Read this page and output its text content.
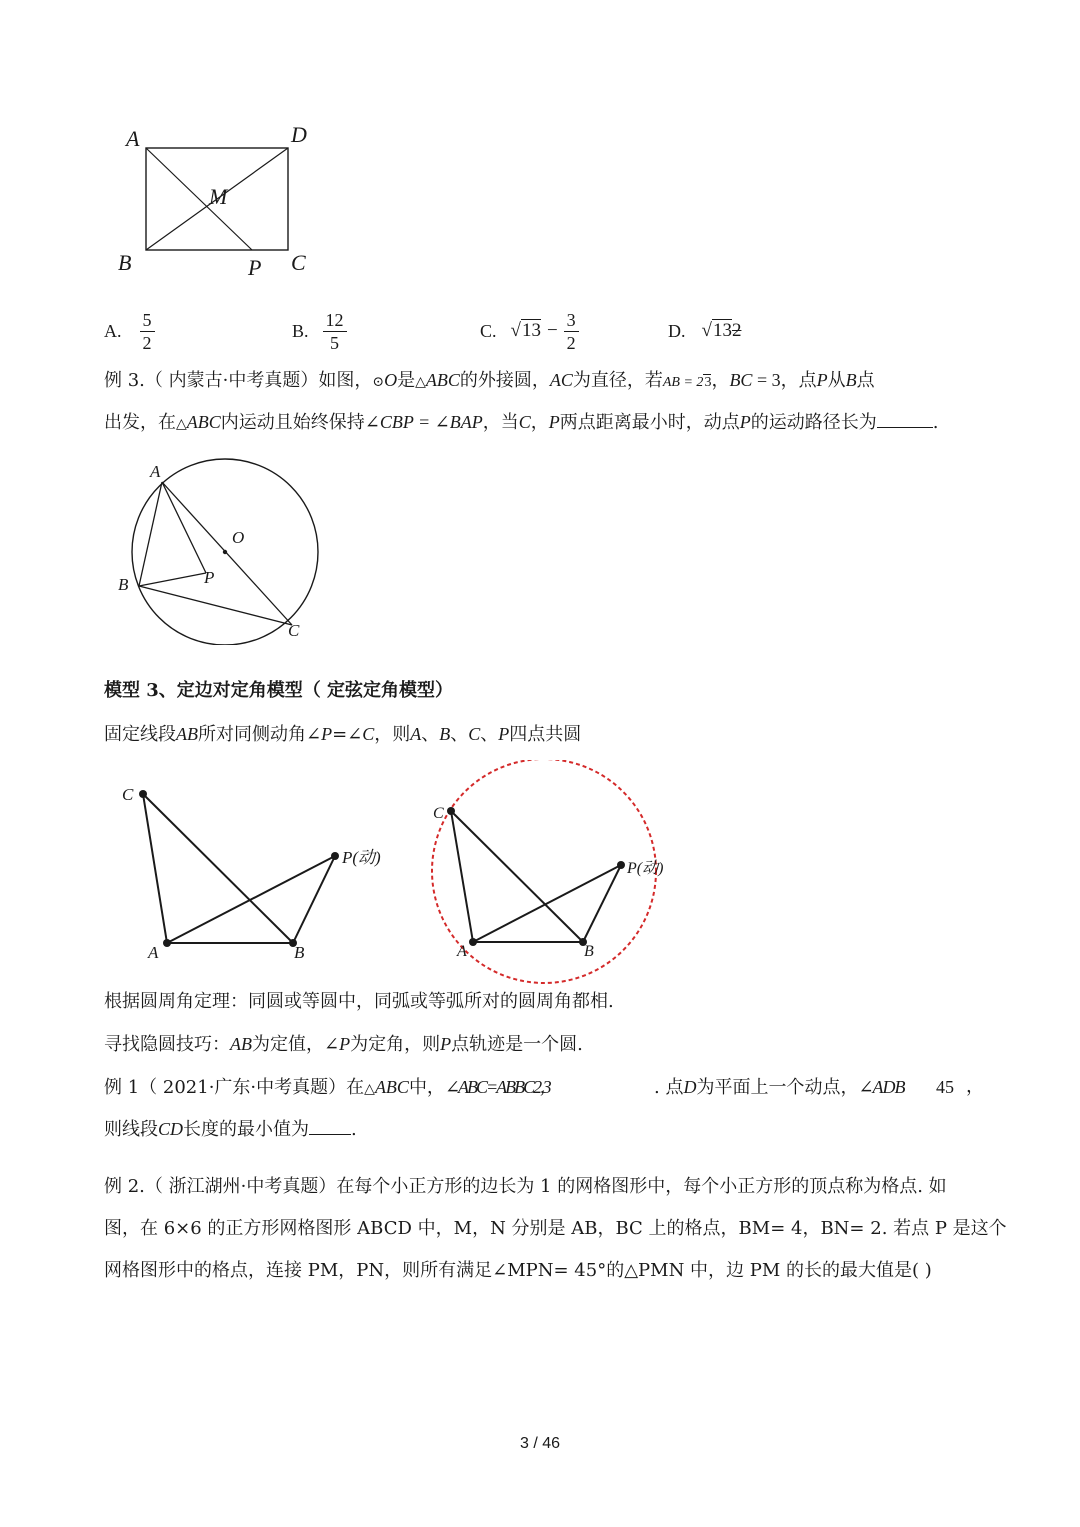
A	D
M
B	P C
A. $\frac{5}{2}$	B. $\frac{12}{5}$	C. $√13 - \frac{3}{2}$	D. √13 2
例 3.（ 内蒙古·中考真题）如图，⊙O是△ABC的外接圆，AC为直径，若AB = 23，BC = 3，点P从B点
出发，在△ABC内运动且始终保持∠CBP = ∠BAP，当C，P两点距离最小时，动点P的运动路径长为	.
A
O
B	P
C
模型 3、定边对定角模型（ 定弦定角模型）
固定线段AB所对同侧动角∠P=∠C，则A、B、C、P四点共圆
C
P(动)
A	B
C
P(动)
A	B
根据圆周角定理：同圆或等圆中，同弧或等弧所对的圆周角都相.
寻找隐圆技巧：AB为定值，∠P为定角，则P点轨迹是一个圆.
例 1（ 2021·广东·中考真题）在△ABC中，∠ABC=ABBC2,3	. 点D为平面上一个动点，∠ADB 45 ，
则线段CD长度的最小值为 .
例 2.（ 浙江湖州·中考真题）在每个小正方形的边长为 1 的网格图形中，每个小正方形的顶点称为格点. 如
图，在 6×6 的正方形网格图形 ABCD 中，M，N 分别是 AB，BC 上的格点，BM= 4，BN= 2. 若点 P 是这个
网格图形中的格点，连接 PM，PN，则所有满足∠MPN= 45°的△PMN 中，边 PM 的长的最大值是( )
3 / 46
